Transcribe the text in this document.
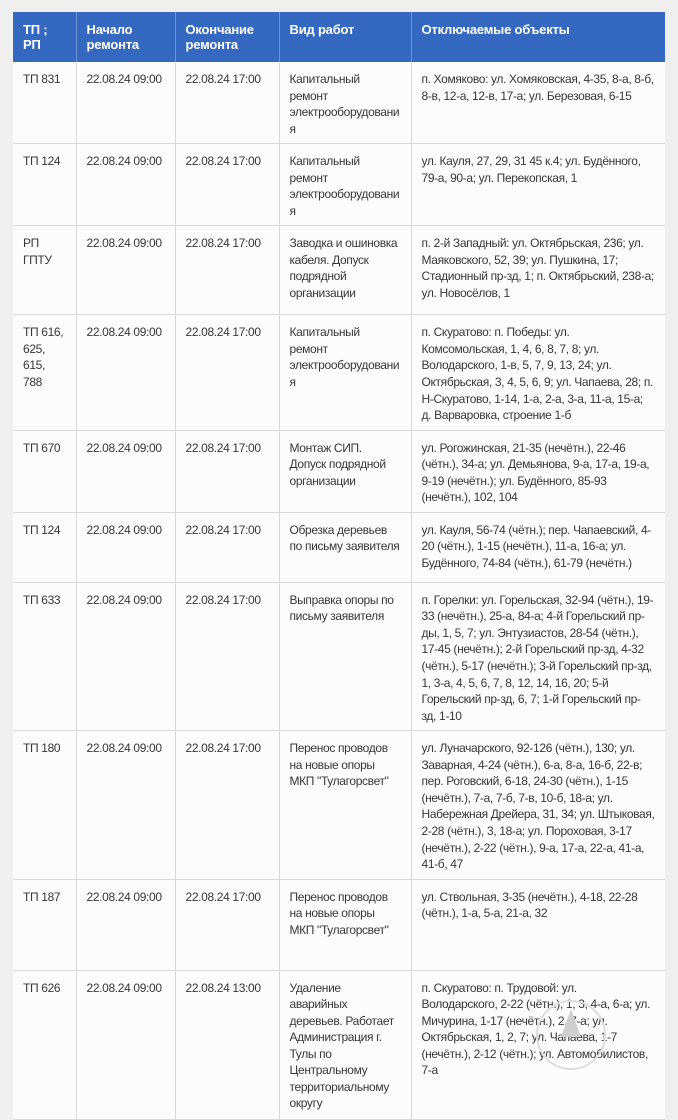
ТП ; РП	Начало ремонта	Окончание ремонта	Вид работ	Отключаемые объекты
ТП 831	22.08.24 09:00	22.08.24 17:00	Капитальный ремонт электрооборудования	п. Хомяково: ул. Хомяковская, 4-35, 8-а, 8-б, 8-в, 12-а, 12-в, 17-а; ул. Березовая, 6-15
ТП 124	22.08.24 09:00	22.08.24 17:00	Капитальный ремонт электрооборудования	ул. Кауля, 27, 29, 31 45 к.4; ул. Будённого, 79-а, 90-а; ул. Перекопская, 1
РП ГПТУ	22.08.24 09:00	22.08.24 17:00	Заводка и ошиновка кабеля. Допуск подрядной организации	п. 2-й Западный: ул. Октябрьская, 236; ул. Маяковского, 52, 39; ул. Пушкина, 17; Стадионный пр-зд, 1; п. Октябрьский, 238-а; ул. Новосёлов, 1
ТП 616, 625, 615, 788	22.08.24 09:00	22.08.24 17:00	Капитальный ремонт электрооборудования	п. Скуратово: п. Победы: ул. Комсомольская, 1, 4, 6, 8, 7, 8; ул. Володарского, 1-в, 5, 7, 9, 13, 24; ул. Октябрьская, 3, 4, 5, 6, 9; ул. Чапаева, 28; п. Н-Скуратово, 1-14, 1-а, 2-а, 3-а, 11-а, 15-а; д. Варваровка, строение 1-б
ТП 670	22.08.24 09:00	22.08.24 17:00	Монтаж СИП. Допуск подрядной организации	ул. Рогожинская, 21-35 (нечётн.), 22-46 (чётн.), 34-а; ул. Демьянова, 9-а, 17-а, 19-а, 9-19 (нечётн.); ул. Будённого, 85-93 (нечётн.), 102, 104
ТП 124	22.08.24 09:00	22.08.24 17:00	Обрезка деревьев по письму заявителя	ул. Кауля, 56-74 (чётн.); пер. Чапаевский, 4-20 (чётн.), 1-15 (нечётн.), 11-а, 16-а; ул. Будённого, 74-84 (чётн.), 61-79 (нечётн.)
ТП 633	22.08.24 09:00	22.08.24 17:00	Выправка опоры по письму заявителя	п. Горелки: ул. Горельская, 32-94 (чётн.), 19-33 (нечётн.), 25-а, 84-а; 4-й Горельский пр-ды, 1, 5, 7; ул. Энтузиастов, 28-54 (чётн.), 17-45 (нечётн.); 2-й Горельский пр-зд, 4-32 (чётн.), 5-17 (нечётн.); 3-й Горельский пр-зд, 1, 3-а, 4, 5, 6, 7, 8, 12, 14, 16, 20; 5-й Горельский пр-зд, 6, 7; 1-й Горельский пр-зд, 1-10
ТП 180	22.08.24 09:00	22.08.24 17:00	Перенос проводов на новые опоры МКП "Тулагорсвет"	ул. Луначарского, 92-126 (чётн.), 130; ул. Заварная, 4-24 (чётн.), 6-а, 8-а, 16-б, 22-в; пер. Роговский, 6-18, 24-30 (чётн.), 1-15 (нечётн.), 7-а, 7-б, 7-в, 10-б, 18-а; ул. Набережная Дрейера, 31, 34; ул. Штыковая, 2-28 (чётн.), 3, 18-а; ул. Пороховая, 3-17 (нечётн.), 2-22 (чётн.), 9-а, 17-а, 22-а, 41-а, 41-б, 47
ТП 187	22.08.24 09:00	22.08.24 17:00	Перенос проводов на новые опоры МКП "Тулагорсвет"	ул. Ствольная, 3-35 (нечётн.), 4-18, 22-28 (чётн.), 1-а, 5-а, 21-а, 32
ТП 626	22.08.24 09:00	22.08.24 13:00	Удаление аварийных деревьев. Работает Администрация г. Тулы по Центральному территориальному округу	п. Скуратово: п. Трудовой: ул. Володарского, 2-22 (чётн.), 1, 3, 4-а, 6-а; ул. Мичурина, 1-17 (нечётн.), 2, 7-а; ул. Октябрьская, 1, 2, 7; ул. Чапаева, 1-7 (нечётн.), 2-12 (чётн.); ул. Автомобилистов, 7-а
